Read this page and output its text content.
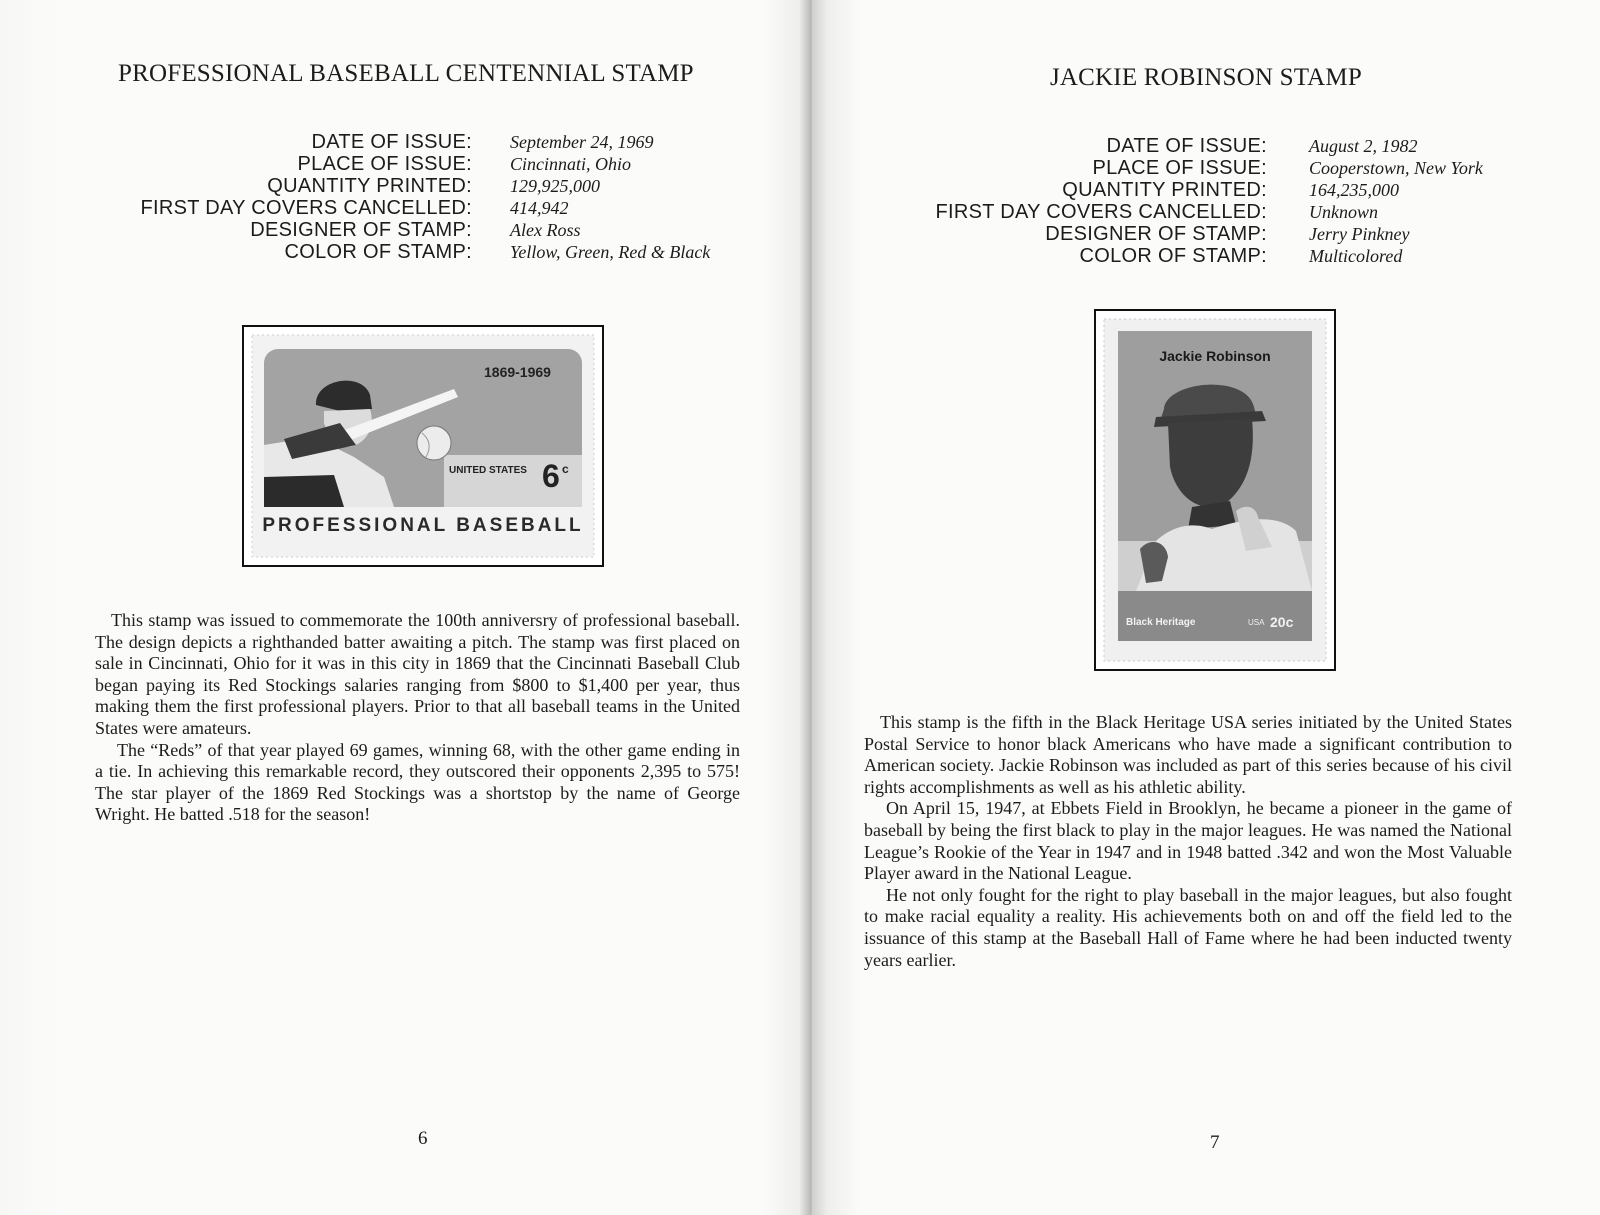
PROFESSIONAL BASEBALL CENTENNIAL STAMP
DATE OF ISSUE: September 24, 1969
PLACE OF ISSUE: Cincinnati, Ohio
QUANTITY PRINTED: 129,925,000
FIRST DAY COVERS CANCELLED: 414,942
DESIGNER OF STAMP: Alex Ross
COLOR OF STAMP: Yellow, Green, Red & Black
1869-1969
UNITED STATES 6 c
PROFESSIONAL BASEBALL

This stamp was issued to commemorate the 100th anniversry of professional baseball. The design depicts a righthanded batter awaiting a pitch. The stamp was first placed on sale in Cincinnati, Ohio for it was in this city in 1869 that the Cincinnati Baseball Club began paying its Red Stockings salaries ranging from $800 to $1,400 per year, thus making them the first professional players. Prior to that all baseball teams in the United States were amateurs.

The “Reds” of that year played 69 games, winning 68, with the other game ending in a tie. In achieving this remarkable record, they outscored their opponents 2,395 to 575! The star player of the 1869 Red Stockings was a shortstop by the name of George Wright. He batted .518 for the season!

6
JACKIE ROBINSON STAMP
DATE OF ISSUE: August 2, 1982
PLACE OF ISSUE: Cooperstown, New York
QUANTITY PRINTED: 164,235,000
FIRST DAY COVERS CANCELLED: Unknown
DESIGNER OF STAMP: Jerry Pinkney
COLOR OF STAMP: Multicolored
Jackie Robinson
Black Heritage	USA 20c

This stamp is the fifth in the Black Heritage USA series initiated by the United States Postal Service to honor black Americans who have made a significant contribution to American society. Jackie Robinson was included as part of this series because of his civil rights accomplishments as well as his athletic ability.

On April 15, 1947, at Ebbets Field in Brooklyn, he became a pioneer in the game of baseball by being the first black to play in the major leagues. He was named the National League’s Rookie of the Year in 1947 and in 1948 batted .342 and won the Most Valuable Player award in the National League.

He not only fought for the right to play baseball in the major leagues, but also fought to make racial equality a reality. His achievements both on and off the field led to the issuance of this stamp at the Baseball Hall of Fame where he had been inducted twenty years earlier.

7
